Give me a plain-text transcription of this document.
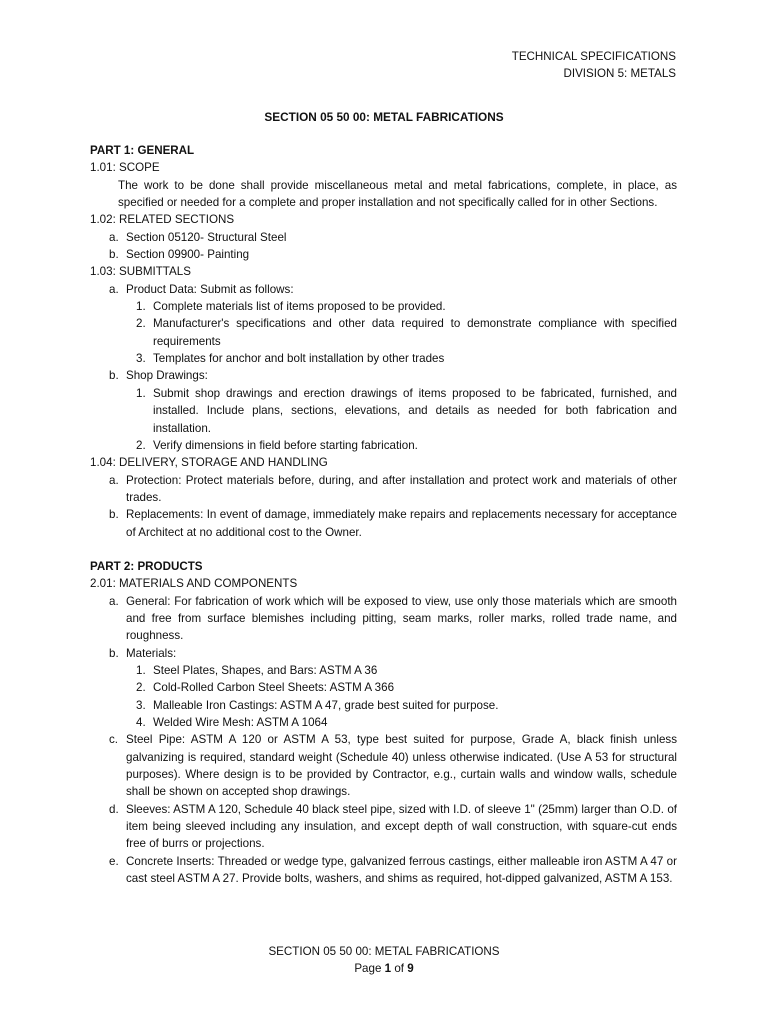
TECHNICAL SPECIFICATIONS
DIVISION 5: METALS
SECTION 05 50 00: METAL FABRICATIONS
PART 1: GENERAL
1.01: SCOPE
The work to be done shall provide miscellaneous metal and metal fabrications, complete, in place, as specified or needed for a complete and proper installation and not specifically called for in other Sections.
1.02: RELATED SECTIONS
a. Section 05120- Structural Steel
b. Section 09900- Painting
1.03: SUBMITTALS
a. Product Data: Submit as follows:
1. Complete materials list of items proposed to be provided.
2. Manufacturer's specifications and other data required to demonstrate compliance with specified requirements
3. Templates for anchor and bolt installation by other trades
b. Shop Drawings:
1. Submit shop drawings and erection drawings of items proposed to be fabricated, furnished, and installed. Include plans, sections, elevations, and details as needed for both fabrication and installation.
2. Verify dimensions in field before starting fabrication.
1.04: DELIVERY, STORAGE AND HANDLING
a. Protection: Protect materials before, during, and after installation and protect work and materials of other trades.
b. Replacements: In event of damage, immediately make repairs and replacements necessary for acceptance of Architect at no additional cost to the Owner.
PART 2: PRODUCTS
2.01: MATERIALS AND COMPONENTS
a. General: For fabrication of work which will be exposed to view, use only those materials which are smooth and free from surface blemishes including pitting, seam marks, roller marks, rolled trade name, and roughness.
b. Materials:
1. Steel Plates, Shapes, and Bars: ASTM A 36
2. Cold-Rolled Carbon Steel Sheets: ASTM A 366
3. Malleable Iron Castings: ASTM A 47, grade best suited for purpose.
4. Welded Wire Mesh: ASTM A 1064
c. Steel Pipe: ASTM A 120 or ASTM A 53, type best suited for purpose, Grade A, black finish unless galvanizing is required, standard weight (Schedule 40) unless otherwise indicated. (Use A 53 for structural purposes). Where design is to be provided by Contractor, e.g., curtain walls and window walls, schedule shall be shown on accepted shop drawings.
d. Sleeves: ASTM A 120, Schedule 40 black steel pipe, sized with I.D. of sleeve 1" (25mm) larger than O.D. of item being sleeved including any insulation, and except depth of wall construction, with square-cut ends free of burrs or projections.
e. Concrete Inserts: Threaded or wedge type, galvanized ferrous castings, either malleable iron ASTM A 47 or cast steel ASTM A 27. Provide bolts, washers, and shims as required, hot-dipped galvanized, ASTM A 153.
SECTION 05 50 00: METAL FABRICATIONS
Page 1 of 9
